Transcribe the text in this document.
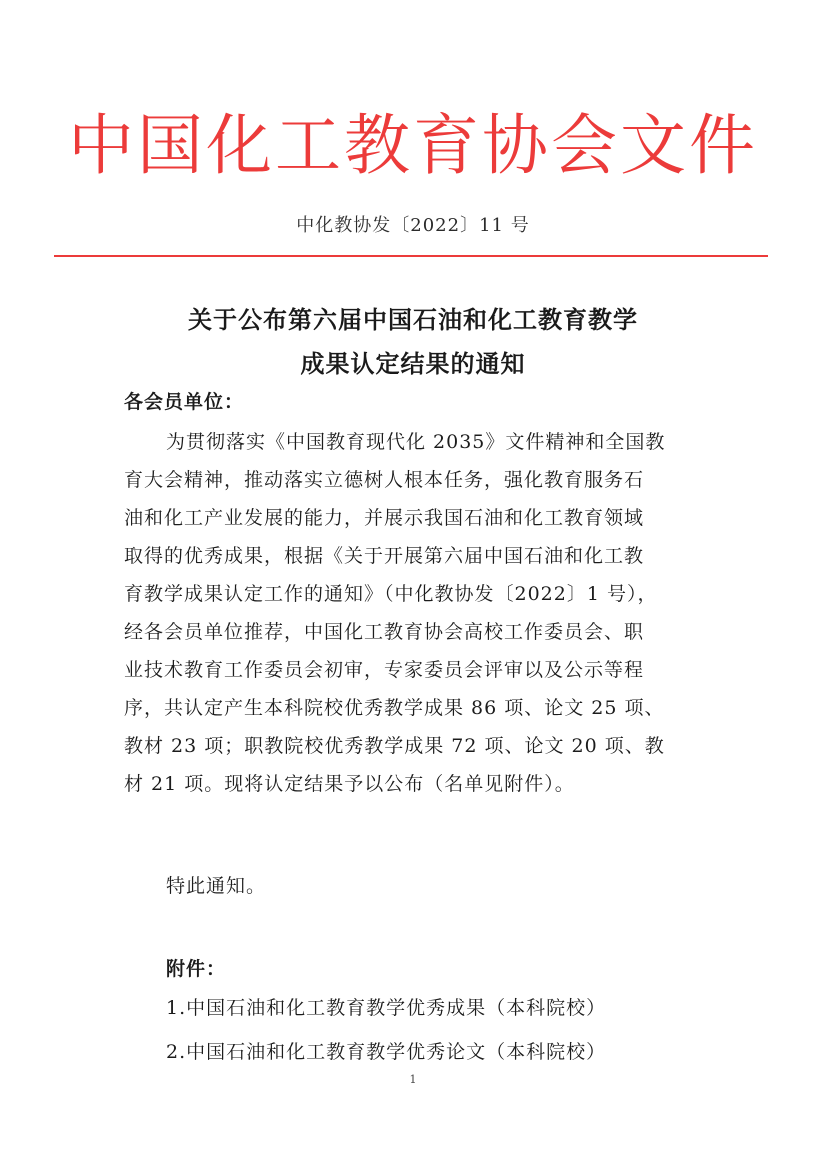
中国化工教育协会文件
中化教协发〔2022〕11 号
关于公布第六届中国石油和化工教育教学
成果认定结果的通知
各会员单位：
为贯彻落实《中国教育现代化 2035》文件精神和全国教
育大会精神，推动落实立德树人根本任务，强化教育服务石
油和化工产业发展的能力，并展示我国石油和化工教育领域
取得的优秀成果，根据《关于开展第六届中国石油和化工教
育教学成果认定工作的通知》（中化教协发〔2022〕1 号），
经各会员单位推荐，中国化工教育协会高校工作委员会、职
业技术教育工作委员会初审，专家委员会评审以及公示等程
序，共认定产生本科院校优秀教学成果 86 项、论文 25 项、
教材 23 项；职教院校优秀教学成果 72 项、论文 20 项、教
材 21 项。现将认定结果予以公布（名单见附件）。
特此通知。
附件：
1.中国石油和化工教育教学优秀成果（本科院校）
2.中国石油和化工教育教学优秀论文（本科院校）
1
